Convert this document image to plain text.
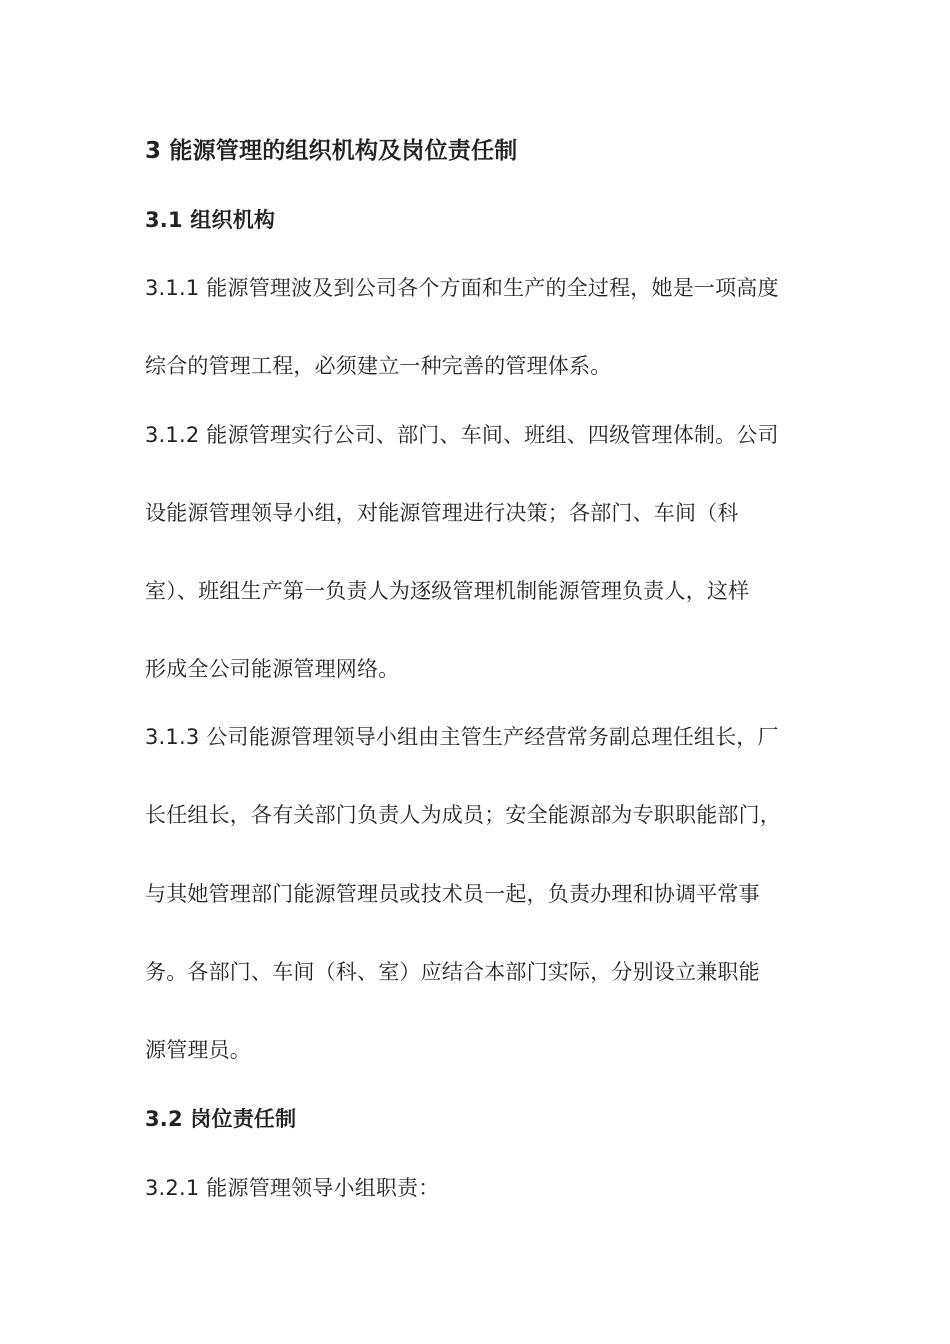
3 能源管理的组织机构及岗位责任制
3.1 组织机构
3.1.1 能源管理波及到公司各个方面和生产的全过程，她是一项高度
综合的管理工程，必须建立一种完善的管理体系。
3.1.2 能源管理实行公司、部门、车间、班组、四级管理体制。公司
设能源管理领导小组，对能源管理进行决策；各部门、车间（科
室）、班组生产第一负责人为逐级管理机制能源管理负责人，这样
形成全公司能源管理网络。
3.1.3 公司能源管理领导小组由主管生产经营常务副总理任组长，厂
长任组长，各有关部门负责人为成员；安全能源部为专职职能部门，
与其她管理部门能源管理员或技术员一起，负责办理和协调平常事
务。各部门、车间（科、室）应结合本部门实际，分别设立兼职能
源管理员。
3.2 岗位责任制
3.2.1 能源管理领导小组职责：
